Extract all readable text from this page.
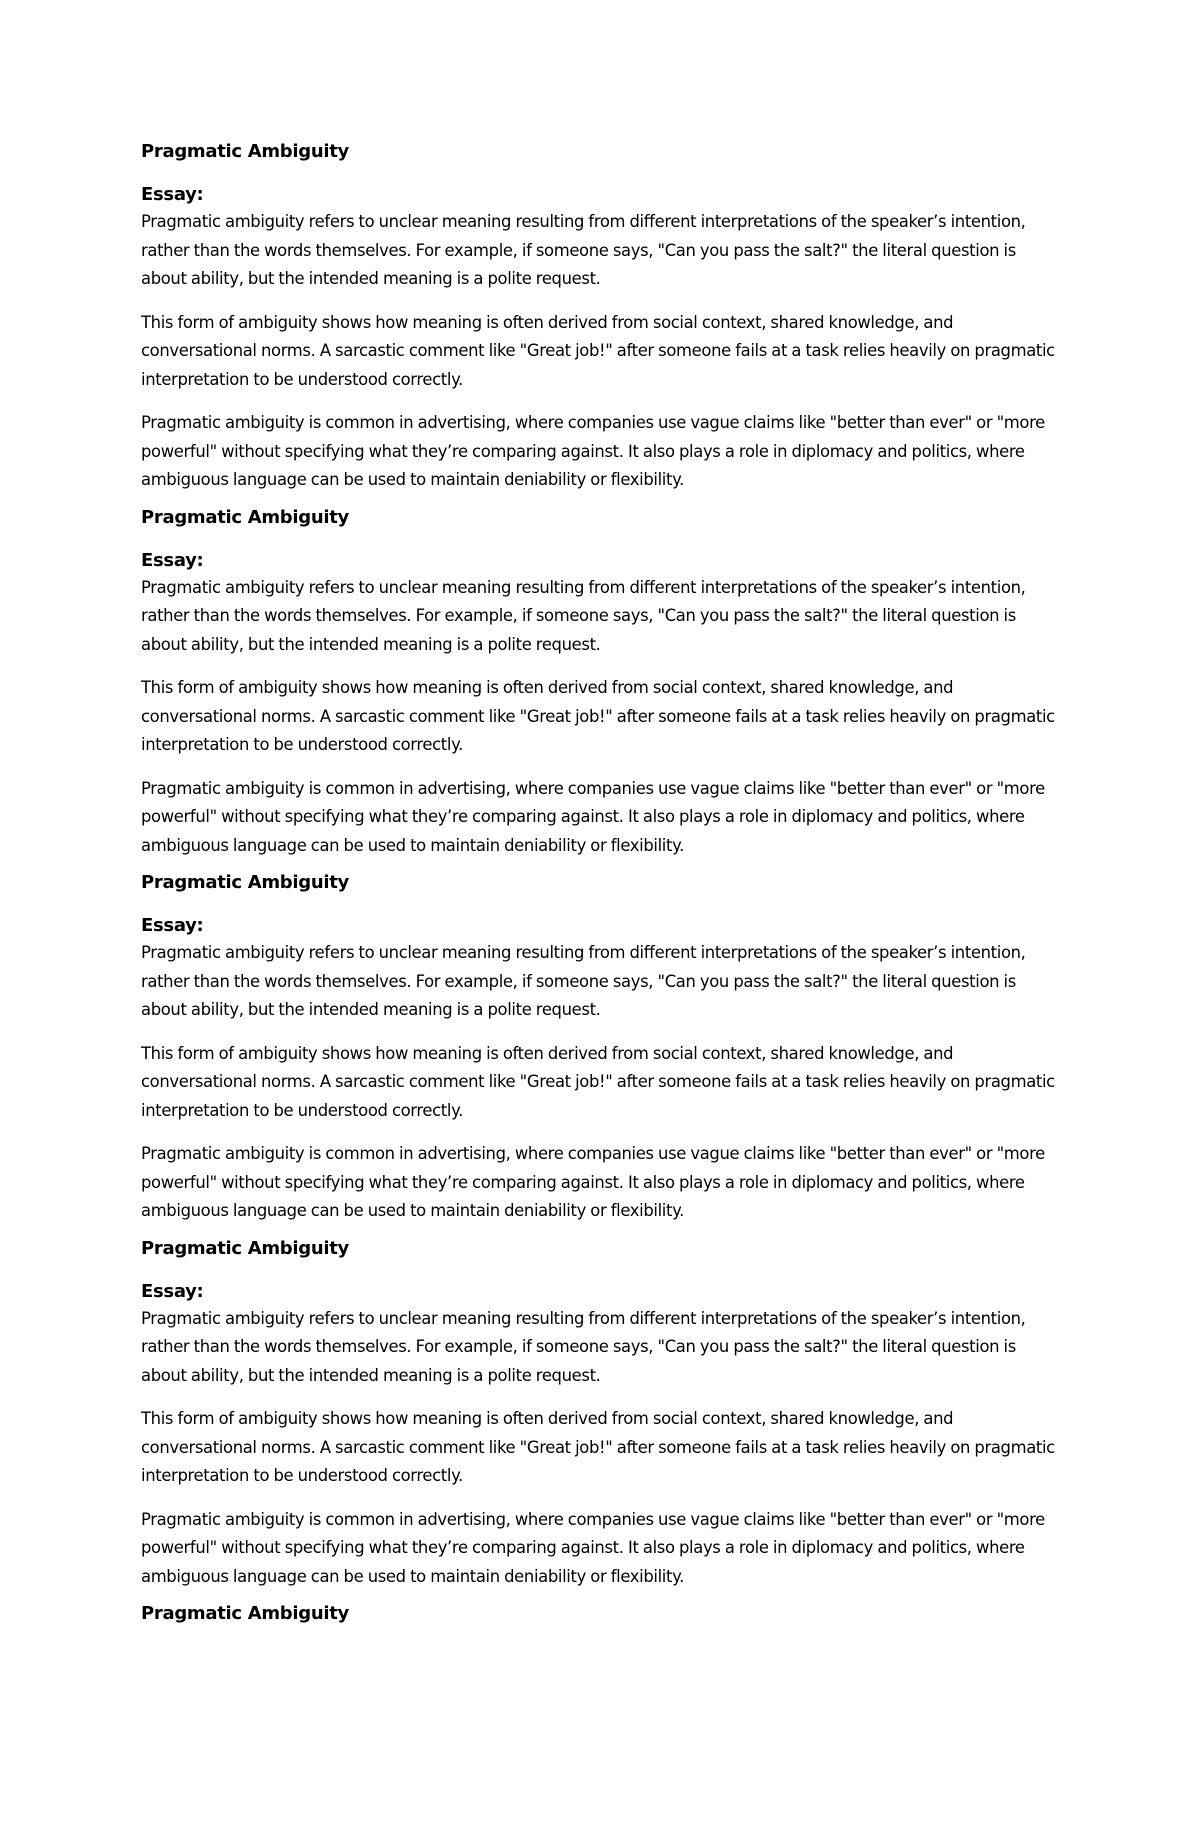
Pragmatic Ambiguity
Essay:

Pragmatic ambiguity refers to unclear meaning resulting from different interpretations of the speaker’s intention, rather than the words themselves. For example, if someone says, "Can you pass the salt?" the literal question is about ability, but the intended meaning is a polite request.

This form of ambiguity shows how meaning is often derived from social context, shared knowledge, and conversational norms. A sarcastic comment like "Great job!" after someone fails at a task relies heavily on pragmatic interpretation to be understood correctly.

Pragmatic ambiguity is common in advertising, where companies use vague claims like "better than ever" or "more powerful" without specifying what they’re comparing against. It also plays a role in diplomacy and politics, where ambiguous language can be used to maintain deniability or flexibility.

Pragmatic Ambiguity
Essay:

Pragmatic ambiguity refers to unclear meaning resulting from different interpretations of the speaker’s intention, rather than the words themselves. For example, if someone says, "Can you pass the salt?" the literal question is about ability, but the intended meaning is a polite request.

This form of ambiguity shows how meaning is often derived from social context, shared knowledge, and conversational norms. A sarcastic comment like "Great job!" after someone fails at a task relies heavily on pragmatic interpretation to be understood correctly.

Pragmatic ambiguity is common in advertising, where companies use vague claims like "better than ever" or "more powerful" without specifying what they’re comparing against. It also plays a role in diplomacy and politics, where ambiguous language can be used to maintain deniability or flexibility.

Pragmatic Ambiguity
Essay:

Pragmatic ambiguity refers to unclear meaning resulting from different interpretations of the speaker’s intention, rather than the words themselves. For example, if someone says, "Can you pass the salt?" the literal question is about ability, but the intended meaning is a polite request.

This form of ambiguity shows how meaning is often derived from social context, shared knowledge, and conversational norms. A sarcastic comment like "Great job!" after someone fails at a task relies heavily on pragmatic interpretation to be understood correctly.

Pragmatic ambiguity is common in advertising, where companies use vague claims like "better than ever" or "more powerful" without specifying what they’re comparing against. It also plays a role in diplomacy and politics, where ambiguous language can be used to maintain deniability or flexibility.

Pragmatic Ambiguity
Essay:

Pragmatic ambiguity refers to unclear meaning resulting from different interpretations of the speaker’s intention, rather than the words themselves. For example, if someone says, "Can you pass the salt?" the literal question is about ability, but the intended meaning is a polite request.

This form of ambiguity shows how meaning is often derived from social context, shared knowledge, and conversational norms. A sarcastic comment like "Great job!" after someone fails at a task relies heavily on pragmatic interpretation to be understood correctly.

Pragmatic ambiguity is common in advertising, where companies use vague claims like "better than ever" or "more powerful" without specifying what they’re comparing against. It also plays a role in diplomacy and politics, where ambiguous language can be used to maintain deniability or flexibility.

Pragmatic Ambiguity
